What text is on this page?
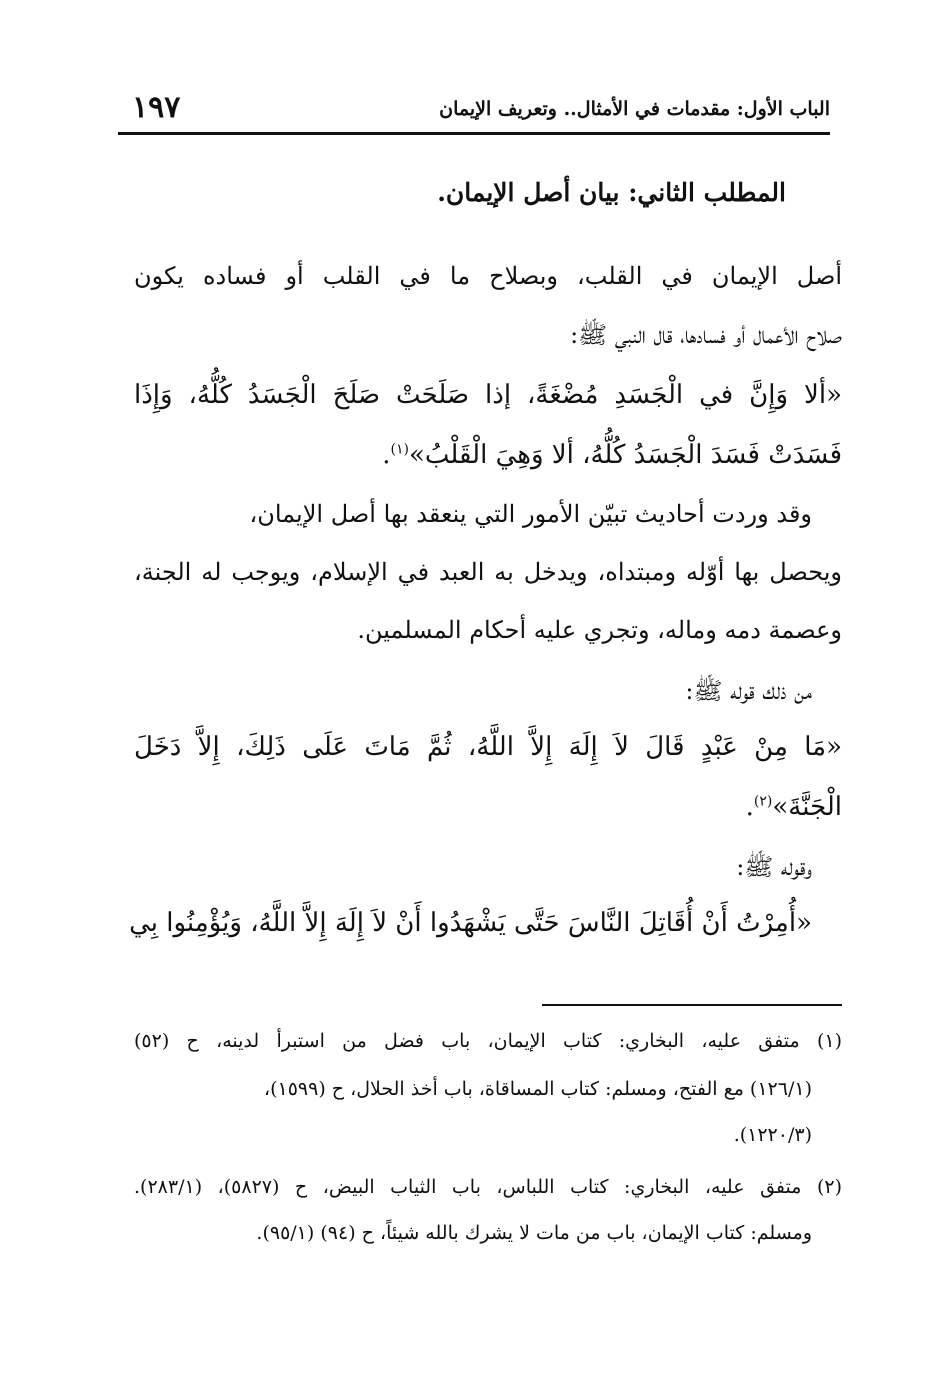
الباب الأول: مقدمات في الأمثال.. وتعريف الإيمان
١٩٧
المطلب الثاني: بيان أصل الإيمان.
أصل الإيمان في القلب، وبصلاح ما في القلب أو فساده يكون
صلاح الأعمال أو فسادها، قال النبي ﷺ:
«ألا وَإِنَّ في الْجَسَدِ مُضْغَةً، إذا صَلَحَتْ صَلَحَ الْجَسَدُ كُلُّهُ، وَإِذَا
فَسَدَتْ فَسَدَ الْجَسَدُ كُلُّهُ، ألا وَهِيَ الْقَلْبُ»$^{(١)}$.
وقد وردت أحاديث تبيّن الأمور التي ينعقد بها أصل الإيمان،
ويحصل بها أوّله ومبتداه، ويدخل به العبد في الإسلام، ويوجب له الجنة،
وعصمة دمه وماله، وتجري عليه أحكام المسلمين.
من ذلك قوله ﷺ:
«مَا مِنْ عَبْدٍ قَالَ لاَ إِلَهَ إِلاَّ اللَّهُ، ثُمَّ مَاتَ عَلَى ذَلِكَ، إِلاَّ دَخَلَ
الْجَنَّةَ»$^{(٢)}$.
وقوله ﷺ:
«أُمِرْتُ أَنْ أُقَاتِلَ النَّاسَ حَتَّى يَشْهَدُوا أَنْ لاَ إِلَهَ إِلاَّ اللَّهُ، وَيُؤْمِنُوا بِي
(١) متفق عليه، البخاري: كتاب الإيمان، باب فضل من استبرأ لدينه، ح (٥٢)
(١٢٦/١) مع الفتح، ومسلم: كتاب المساقاة، باب أخذ الحلال، ح (١٥٩٩)،
(١٢٢٠/٣).
(٢) متفق عليه، البخاري: كتاب اللباس، باب الثياب البيض، ح (٥٨٢٧)، (٢٨٣/١).
ومسلم: كتاب الإيمان، باب من مات لا يشرك بالله شيئاً، ح (٩٤) (٩٥/١).
